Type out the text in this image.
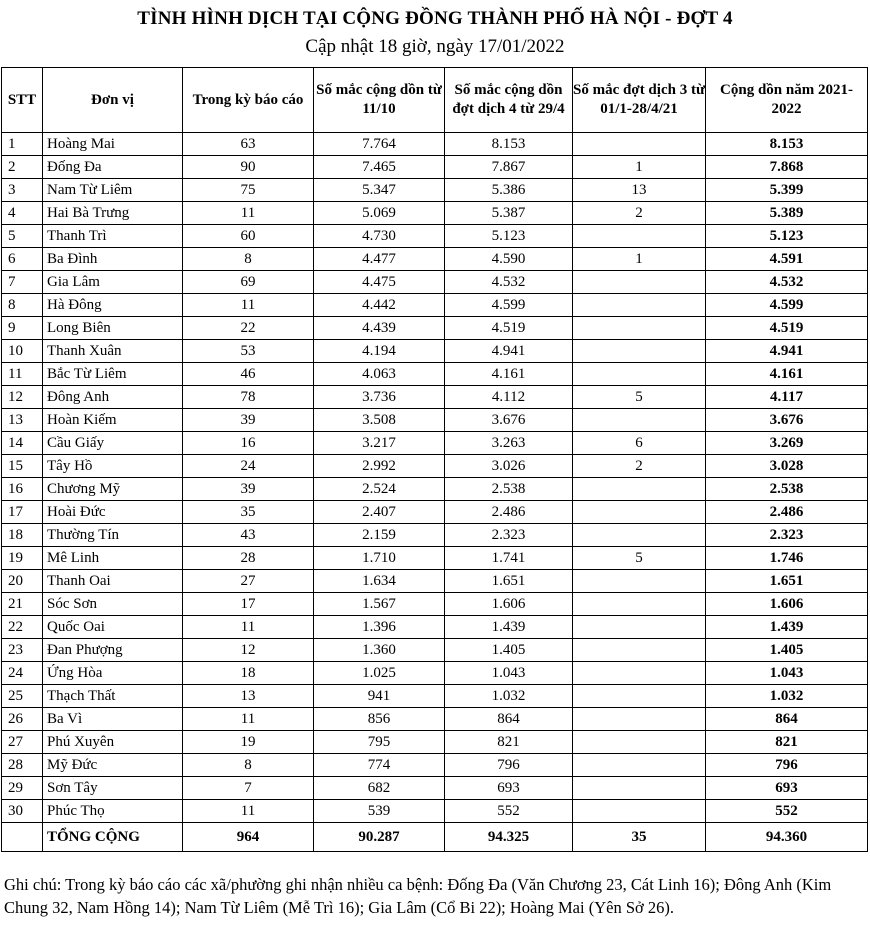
TÌNH HÌNH DỊCH TẠI CỘNG ĐỒNG THÀNH PHỐ HÀ NỘI - ĐỢT 4
Cập nhật 18 giờ, ngày 17/01/2022
STT	Đơn vị	Trong kỳ báo cáo	Số mắc cộng dồn từ 11/10	Số mắc cộng dồn đợt dịch 4 từ 29/4	Số mắc đợt dịch 3 từ 01/1-28/4/21	Cộng dồn năm 2021-2022
1	Hoàng Mai	63	7.764	8.153		8.153
2	Đống Đa	90	7.465	7.867	1	7.868
3	Nam Từ Liêm	75	5.347	5.386	13	5.399
4	Hai Bà Trưng	11	5.069	5.387	2	5.389
5	Thanh Trì	60	4.730	5.123		5.123
6	Ba Đình	8	4.477	4.590	1	4.591
7	Gia Lâm	69	4.475	4.532		4.532
8	Hà Đông	11	4.442	4.599		4.599
9	Long Biên	22	4.439	4.519		4.519
10	Thanh Xuân	53	4.194	4.941		4.941
11	Bắc Từ Liêm	46	4.063	4.161		4.161
12	Đông Anh	78	3.736	4.112	5	4.117
13	Hoàn Kiếm	39	3.508	3.676		3.676
14	Cầu Giấy	16	3.217	3.263	6	3.269
15	Tây Hồ	24	2.992	3.026	2	3.028
16	Chương Mỹ	39	2.524	2.538		2.538
17	Hoài Đức	35	2.407	2.486		2.486
18	Thường Tín	43	2.159	2.323		2.323
19	Mê Linh	28	1.710	1.741	5	1.746
20	Thanh Oai	27	1.634	1.651		1.651
21	Sóc Sơn	17	1.567	1.606		1.606
22	Quốc Oai	11	1.396	1.439		1.439
23	Đan Phượng	12	1.360	1.405		1.405
24	Ứng Hòa	18	1.025	1.043		1.043
25	Thạch Thất	13	941	1.032		1.032
26	Ba Vì	11	856	864		864
27	Phú Xuyên	19	795	821		821
28	Mỹ Đức	8	774	796		796
29	Sơn Tây	7	682	693		693
30	Phúc Thọ	11	539	552		552
	TỔNG CỘNG	964	90.287	94.325	35	94.360
Ghi chú: Trong kỳ báo cáo các xã/phường ghi nhận nhiều ca bệnh: Đống Đa (Văn Chương 23, Cát Linh 16); Đông Anh (Kim Chung 32, Nam Hồng 14); Nam Từ Liêm (Mễ Trì 16); Gia Lâm (Cổ Bi 22); Hoàng Mai (Yên Sở 26).
